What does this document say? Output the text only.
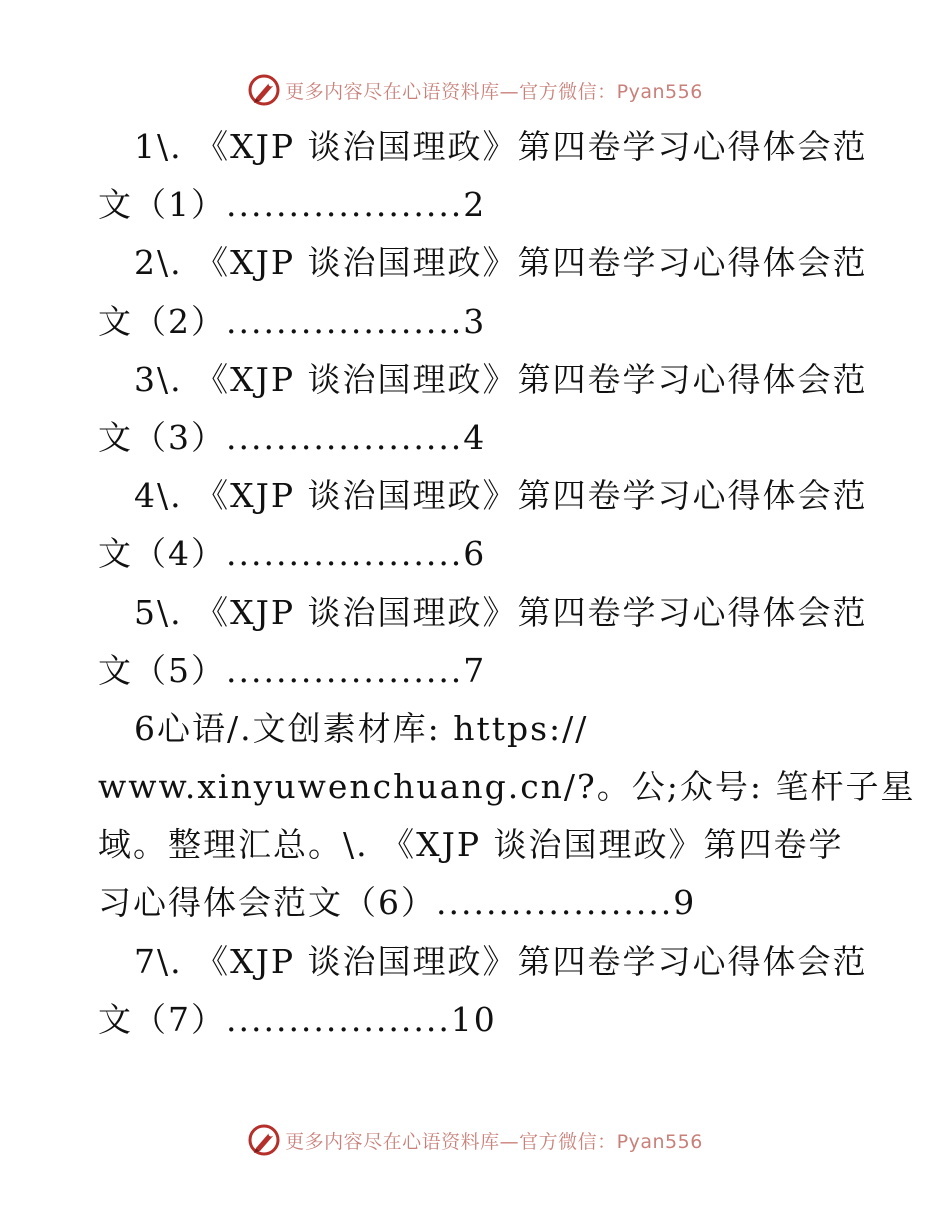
更多内容尽在心语资料库—官方微信：Pyan556
1\. 《XJP 谈治国理政》第四卷学习心得体会范
文（1）...................2
2\. 《XJP 谈治国理政》第四卷学习心得体会范
文（2）...................3
3\. 《XJP 谈治国理政》第四卷学习心得体会范
文（3）...................4
4\. 《XJP 谈治国理政》第四卷学习心得体会范
文（4）...................6
5\. 《XJP 谈治国理政》第四卷学习心得体会范
文（5）...................7
6心语/.文创素材库: https://
www.xinyuwenchuang.cn/?。公;众号: 笔杆子星
域。整理汇总。\. 《XJP 谈治国理政》第四卷学
习心得体会范文（6）...................9
7\. 《XJP 谈治国理政》第四卷学习心得体会范
文（7）..................10
更多内容尽在心语资料库—官方微信：Pyan556
